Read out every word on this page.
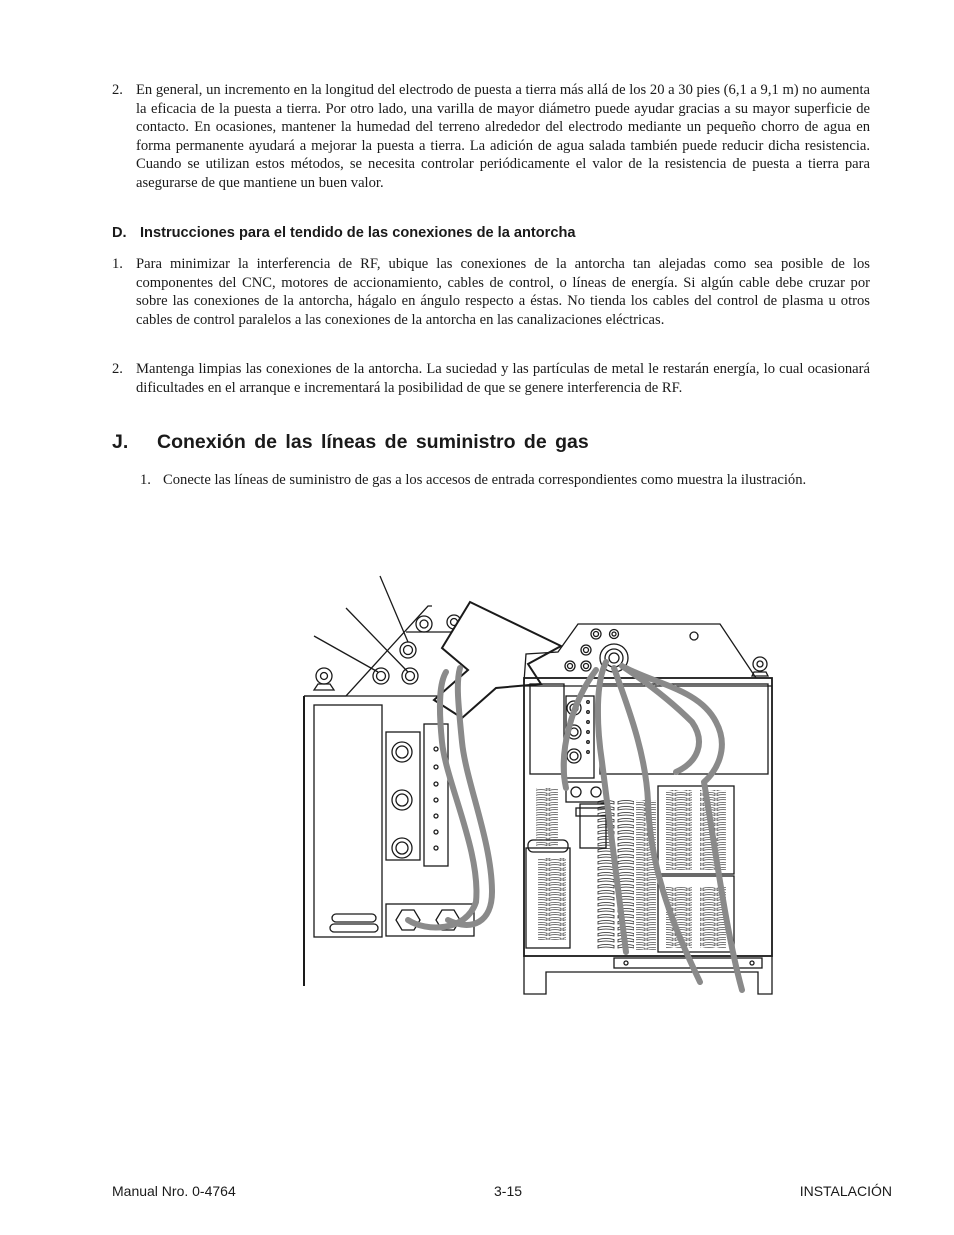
2. En general, un incremento en la longitud del electrodo de puesta a tierra más allá de los 20 a 30 pies (6,1 a 9,1 m) no aumenta la eficacia de la puesta a tierra. Por otro lado, una varilla de mayor diámetro puede ayudar gracias a su mayor superficie de contacto. En ocasiones, mantener la humedad del terreno alrededor del electrodo mediante un pequeño chorro de agua en forma permanente ayudará a mejorar la puesta a tierra. La adición de agua salada también puede reducir dicha resistencia. Cuando se utilizan estos métodos, se necesita controlar periódicamente el valor de la resistencia de puesta a tierra para asegurarse de que mantiene un buen valor.
D. Instrucciones para el tendido de las conexiones de la antorcha
1. Para minimizar la interferencia de RF, ubique las conexiones de la antorcha tan alejadas como sea posible de los componentes del CNC, motores de accionamiento, cables de control, o líneas de energía. Si algún cable debe cruzar por sobre las conexiones de la antorcha, hágalo en ángulo respecto a éstas. No tienda los cables del control de plasma u otros cables de control paralelos a las conexiones de la antorcha en las canalizaciones eléctricas.
2. Mantenga limpias las conexiones de la antorcha. La suciedad y las partículas de metal le restarán energía, lo cual ocasionará dificultades en el arranque e incrementará la posibilidad de que se genere interferencia de RF.
J. Conexión de las líneas de suministro de gas
1. Conecte las líneas de suministro de gas a los accesos de entrada correspondientes como muestra la ilustración.
Manual Nro. 0-4764	3-15	INSTALACIÓN
